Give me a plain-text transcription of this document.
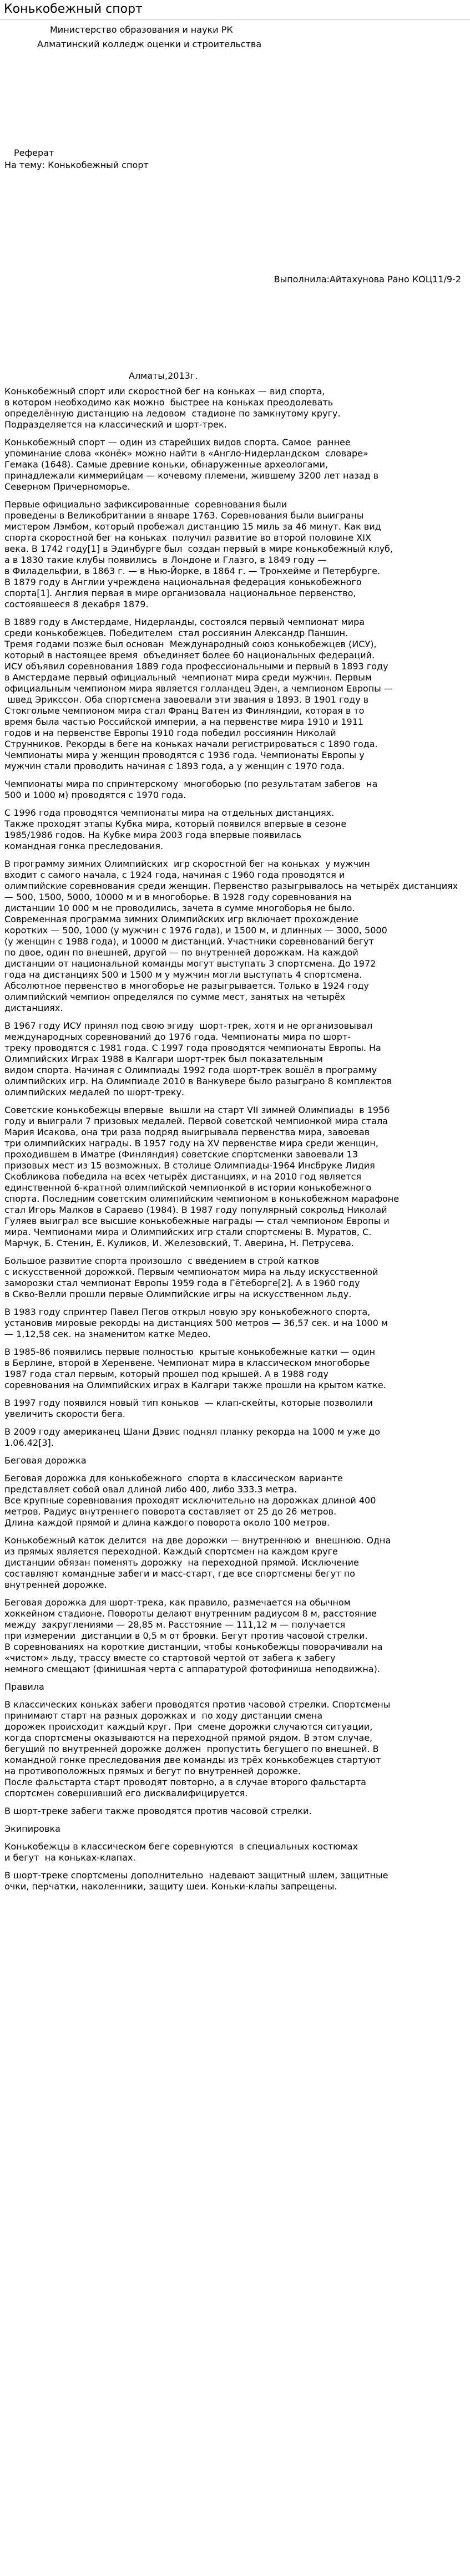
Конькобежный спорт
Министерство образования и науки РК
Алматинский колледж оценки и строительства
Реферат
На тему: Конькобежный спорт
Выполнила:Айтахунова Рано КОЦ11/9-2
Алматы,2013г.

Конькобежный спорт или скоростной бег на коньках — вид спорта,
в котором необходимо как можно  быстрее на коньках преодолевать
определённую дистанцию на ледовом  стадионе по замкнутому кругу.
Подразделяется на классический и шорт-трек.

Конькобежный спорт — один из старейших видов спорта. Самое  раннее
упоминание слова «конёк» можно найти в «Англо-Нидерландском  словаре»
Гемакa (1648). Самые древние коньки, обнаруженные археологами,
принадлежали киммерийцам — кочевому племени, жившему 3200 лет назад в
Северном Причерноморье.

Первые официально зафиксированные  соревнования были
проведены в Великобритании в январе 1763. Соревнования были выиграны
мистером Лэмбом, который пробежал дистанцию 15 миль за 46 минут. Как вид
спорта скоростной бег на коньках  получил развитие во второй половине XIX
века. В 1742 году[1] в Эдинбурге был  создан первый в мире конькобежный клуб,
а в 1830 такие клубы появились  в Лондоне и Глазго, в 1849 году —
в Филадельфии, в 1863 г. — в Нью-Йорке, в 1864 г. — Тронхейме и Петербурге.
В 1879 году в Англии учреждена национальная федерация конькобежного
спорта[1]. Англия первая в мире организовала национальное первенство,
состоявшееся 8 декабря 1879.

В 1889 году в Амстердаме, Нидерланды, состоялся первый чемпионат мира
среди конькобежцев. Победителем  стал россиянин Александр Паншин.
Тремя годами позже был основан  Международный союз конькобежцев (ИСУ),
который в настоящее время  объединяет более 60 национальных федераций.
ИСУ объявил соревнования 1889 года профессиональными и первый в 1893 году
в Амстердаме первый официальный  чемпионат мира среди мужчин. Первым
официальным чемпионом мира является голландец Эден, а чемпионом Европы —
швед Эрикссон. Оба спортсмена завоевали эти звания в 1893. В 1901 году в
Стокгольме чемпионом мира стал Франц Ватен из Финляндии, которая в то
время была частью Российской империи, а на первенстве мира 1910 и 1911
годов и на первенстве Европы 1910 года победил россиянин Николай
Струнников. Рекорды в беге на коньках начали регистрироваться с 1890 года.
Чемпионаты мира у женщин проводятся с 1936 года. Чемпионаты Европы у
мужчин стали проводить начиная с 1893 года, а у женщин с 1970 года.

Чемпионаты мира по спринтерскому  многоборью (по результатам забегов  на
500 и 1000 м) проводятся с 1970 года.

С 1996 года проводятся чемпионаты мира на отдельных дистанциях.
Также проходят этапы Кубка мира, который появился впервые в сезоне
1985/1986 годов. На Кубке мира 2003 года впервые появилась
командная гонка преследования.

В программу зимних Олимпийских  игр скоростной бег на коньках  у мужчин
входит с самого начала, с 1924 года, начиная с 1960 года проводятся и
олимпийские соревнования среди женщин. Первенство разыгрывалось на четырёх дистанциях
— 500, 1500, 5000, 10000 м и в многоборье. В 1928 году соревнования на
дистанции 10 000 м не проводились, зачета в сумме многоборья не было.
Современная программа зимних Олимпийских игр включает прохождение
коротких — 500, 1000 (у мужчин с 1976 года), и 1500 м, и длинных — 3000, 5000
(у женщин с 1988 года), и 10000 м дистанций. Участники соревнований бегут
по двое, один по внешней, другой — по внутренней дорожкам. На каждой
дистанции от национальной команды могут выступать 3 спортсмена. До 1972
года на дистанциях 500 и 1500 м у мужчин могли выступать 4 спортсмена.
Абсолютное первенство в многоборье не разыгрывается. Только в 1924 году
олимпийский чемпион определялся по сумме мест, занятых на четырёх
дистанциях.

В 1967 году ИСУ принял под свою эгиду  шорт-трек, хотя и не организовывал
международных соревнований до 1976 года. Чемпионаты мира по шорт-
треку проводятся с 1981 года. С 1997 года проводятся чемпионаты Европы. На
Олимпийских Играх 1988 в Калгари шорт-трек был показательным
видом спорта. Начиная с Олимпиады 1992 года шорт-трек вошёл в программу
олимпийских игр. На Олимпиаде 2010 в Ванкувере было разыграно 8 комплектов
олимпийских медалей по шорт-треку.

Советские конькобежцы впервые  вышли на старт VII зимней Олимпиады  в 1956
году и выиграли 7 призовых медалей. Первой советской чемпионкой мира стала
Мария Исакова, она три раза подряд выигрывала первенства мира, завоевав
три олимпийских награды. В 1957 году на XV первенстве мира среди женщин,
проходившем в Иматре (Финляндия) советские спортсменки завоевали 13
призовых мест из 15 возможных. В столице Олимпиады-1964 Инсбруке Лидия
Скобликова победила на всех четырёх дистанциях, и на 2010 год является
единственной 6-кратной олимпийской чемпионкой в истории конькобежного
спорта. Последним советским олимпийским чемпионом в конькобежном марафоне
стал Игорь Малков в Сараево (1984). В 1987 году популярный сокрольд Николай
Гуляев выиграл все высшие конькобежные награды — стал чемпионом Европы и
мира. Чемпионами мира и Олимпийских игр стали спортсмены В. Муратов, С.
Марчук, Б. Стенин, Е. Куликов, И. Железовский, Т. Аверина, Н. Петрусева.

Большое развитие спорта произошло  с введением в строй катков
с искусственной дорожкой. Первым чемпионатом мира на льду искусственной
заморозки стал чемпионат Европы 1959 года в Гётеборге[2]. А в 1960 году
в Скво-Велли прошли первые Олимпийские игры на искусственном льду.

В 1983 году спринтер Павел Пегов открыл новую эру конькобежного спорта,
установив мировые рекорды на дистанциях 500 метров — 36,57 сек. и на 1000 м
— 1,12,58 сек. на знаменитом катке Медео.

В 1985-86 появились первые полностью  крытые конькобежные катки — один
в Берлине, второй в Херенвене. Чемпионат мира в классическом многоборье
1987 года стал первым, который прошел под крышей. А в 1988 году
соревнования на Олимпийских играх в Калгари также прошли на крытом катке.

В 1997 году появился новый тип коньков  — клап-скейты, которые позволили
увеличить скорости бега.

В 2009 году американец Шани Дэвис поднял планку рекорда на 1000 м уже до
1.06.42[3].

Беговая дорожка

Беговая дорожка для конькобежного  спорта в классическом варианте
представляет собой овал длиной либо 400, либо 333.3 метра.
Все крупные соревнования проходят исключительно на дорожках длиной 400
метров. Радиус внутреннего поворота составляет от 25 до 26 метров.
Длина каждой прямой и длина каждого поворота около 100 метров.

Конькобежный каток делится  на две дорожки — внутреннюю и  внешнюю. Одна
из прямых является переходной. Каждый спортсмен на каждом круге
дистанции обязан поменять дорожку  на переходной прямой. Исключение
составляют командные забеги и масс-старт, где все спортсмены бегут по
внутренней дорожке.

Беговая дорожка для шорт-трека, как правило, размечается на обычном
хоккейном стадионе. Повороты делают внутренним радиусом 8 м, расстояние
между  закруглениями — 28,85 м. Расстояние — 111,12 м — получается
при измерении  дистанции в 0,5 м от бровки. Бегут против часовой стрелки.
В соревнованиях на короткие дистанции, чтобы конькобежцы поворачивали на
«чистом» льду, трассу вместе со стартовой чертой от забега к забегу
немного смещают (финишная черта с аппаратурой фотофиниша неподвижна).

Правила

В классических коньках забеги проводятся против часовой стрелки. Спортсмены
принимают старт на разных дорожках и  по ходу дистанции смена
дорожек происходит каждый круг. При  смене дорожки случаются ситуации,
когда спортсмены оказываются на переходной прямой рядом. В этом случае,
бегущий по внутренней дорожке должен  пропустить бегущего по внешней. В
командной гонке преследования две команды из трёх конькобежцев стартуют
на противоположных прямых и бегут по внутренней дорожке.
После фальстарта старт проводят повторно, а в случае второго фальстарта
спортсмен совершивший его дисквалифицируется.

В шорт-треке забеги также проводятся против часовой стрелки.

Экипировка

Конькобежцы в классическом беге соревнуются  в специальных костюмах
и бегут  на коньках-клапах.

В шорт-треке спортсмены дополнительно  надевают защитный шлем, защитные
очки, перчатки, наколенники, защиту шеи. Коньки-клапы запрещены.
